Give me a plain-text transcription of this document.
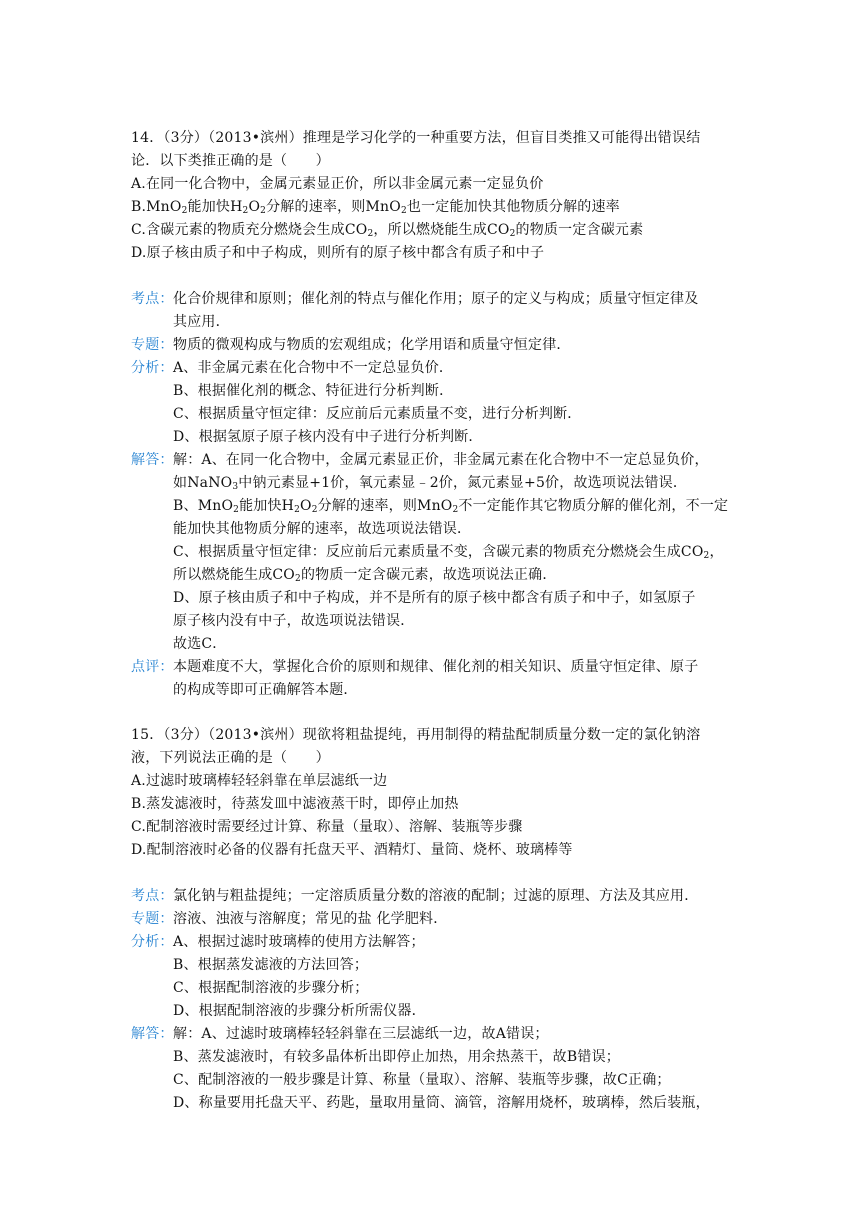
14．（3分）（2013•滨州）推理是学习化学的一种重要方法，但盲目类推又可能得出错误结
论．以下类推正确的是（　　）
A.在同一化合物中，金属元素显正价，所以非金属元素一定显负价
B.MnO$_2$能加快$H_2O_2$分解的速率，则MnO$_2$也一定能加快其他物质分解的速率
C.含碳元素的物质充分燃烧会生成$CO_2$，所以燃烧能生成$CO_2$的物质一定含碳元素
D.原子核由质子和中子构成，则所有的原子核中都含有质子和中子
考点： 化合价规律和原则；催化剂的特点与催化作用；原子的定义与构成；质量守恒定律及
其应用．
专题： 物质的微观构成与物质的宏观组成；化学用语和质量守恒定律．
分析： A、非金属元素在化合物中不一定总显负价．
B、根据催化剂的概念、特征进行分析判断．
C、根据质量守恒定律：反应前后元素质量不变，进行分析判断．
D、根据氢原子原子核内没有中子进行分析判断．
解答： 解：A、在同一化合物中，金属元素显正价，非金属元素在化合物中不一定总显负价，
如NaNO$_3$中钠元素显+1价，氧元素显﹣2价，氮元素显+5价，故选项说法错误．
B、MnO$_2$能加快$H_2O_2$分解的速率，则MnO$_2$不一定能作其它物质分解的催化剂，不一定
能加快其他物质分解的速率，故选项说法错误．
C、根据质量守恒定律：反应前后元素质量不变，含碳元素的物质充分燃烧会生成$CO_2$，
所以燃烧能生成$CO_2$的物质一定含碳元素，故选项说法正确．
D、原子核由质子和中子构成，并不是所有的原子核中都含有质子和中子，如氢原子
原子核内没有中子，故选项说法错误．
故选C．
点评： 本题难度不大，掌握化合价的原则和规律、催化剂的相关知识、质量守恒定律、原子
的构成等即可正确解答本题．
15．（3分）（2013•滨州）现欲将粗盐提纯，再用制得的精盐配制质量分数一定的氯化钠溶
液，下列说法正确的是（　　）
A.过滤时玻璃棒轻轻斜靠在单层滤纸一边
B.蒸发滤液时，待蒸发皿中滤液蒸干时，即停止加热
C.配制溶液时需要经过计算、称量（量取）、溶解、装瓶等步骤
D.配制溶液时必备的仪器有托盘天平、酒精灯、量筒、烧杯、玻璃棒等
考点： 氯化钠与粗盐提纯；一定溶质质量分数的溶液的配制；过滤的原理、方法及其应用．
专题： 溶液、浊液与溶解度；常见的盐 化学肥料．
分析： A、根据过滤时玻璃棒的使用方法解答；
B、根据蒸发滤液的方法回答；
C、根据配制溶液的步骤分析；
D、根据配制溶液的步骤分析所需仪器．
解答： 解：A、过滤时玻璃棒轻轻斜靠在三层滤纸一边，故A错误；
B、蒸发滤液时，有较多晶体析出即停止加热，用余热蒸干，故B错误；
C、配制溶液的一般步骤是计算、称量（量取）、溶解、装瓶等步骤，故C正确；
D、称量要用托盘天平、药匙，量取用量筒、滴管，溶解用烧杯，玻璃棒，然后装瓶，
